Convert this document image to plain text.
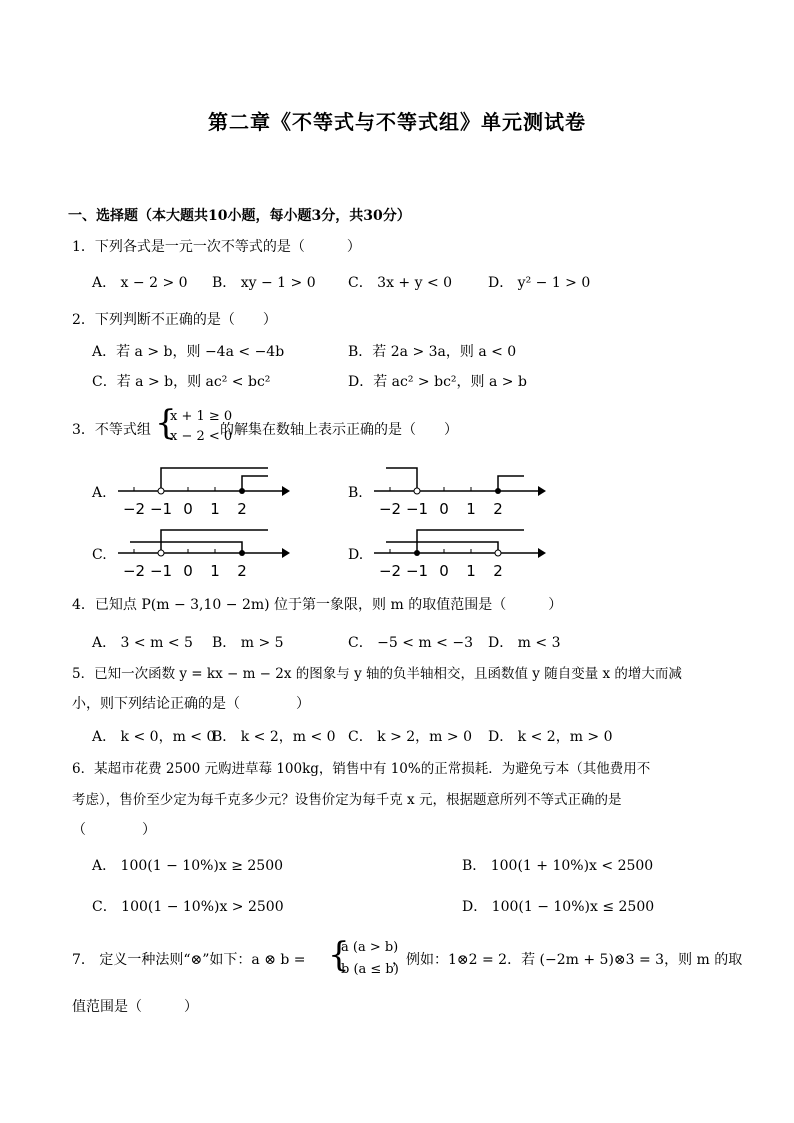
第二章《不等式与不等式组》单元测试卷
一、选择题（本大题共10小题，每小题3分，共30分）
1．下列各式是一元一次不等式的是（　　　）
A． x − 2 > 0 B． xy − 1 > 0 C． 3x + y < 0	D． y² − 1 > 0
2．下列判断不正确的是（　　）
A．若 a > b，则 −4a < −4b	B．若 2a > 3a，则 a < 0
C．若 a > b，则 ac² < bc²	D．若 ac² > bc²，则 a > b
3．不等式组 {
x + 1 ≥ 0
x − 2 < 0
的解集在数轴上表示正确的是（　　）
A.	B.
C.	D.
−2 −1 0 1 2	−2 −1 0 1 2
−2 −1 0 1 2	−2 −1 0 1 2
4．已知点 P(m − 3,10 − 2m) 位于第一象限，则 m 的取值范围是（　　　）
A． 3 < m < 5 B． m > 5	C． −5 < m < −3 D． m < 3
5．已知一次函数 y = kx − m − 2x 的图象与 y 轴的负半轴相交，且函数值 y 随自变量 x 的增大而减
小，则下列结论正确的是（　　　　）
A． k < 0，m < 0
B． k < 2，m < 0 C． k > 2，m > 0 D． k < 2，m > 0
6．某超市花费 2500 元购进草莓 100kg，销售中有 10%的正常损耗．为避免亏本（其他费用不
考虑），售价至少定为每千克多少元？设售价定为每千克 x 元，根据题意所列不等式正确的是
（　　　　）
A． 100(1 − 10%)x ≥ 2500	B． 100(1 + 10%)x < 2500
C． 100(1 − 10%)x > 2500	D． 100(1 − 10%)x ≤ 2500
7． 定义一种法则“⊗”如下：a ⊗ b = {
a (a > b)
b (a ≤ b)
，例如：1⊗2 = 2．若 (−2m + 5)⊗3 = 3，则 m 的取
值范围是（　　　）
